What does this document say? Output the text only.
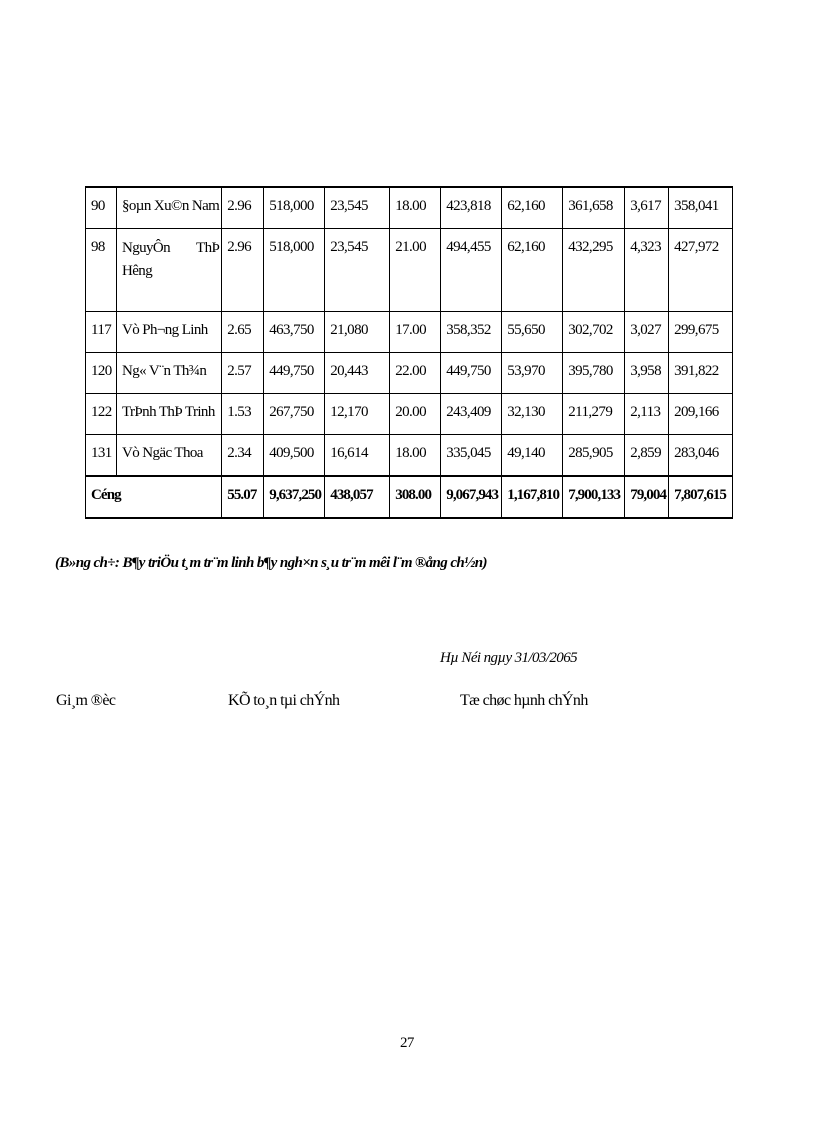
90	§oµn Xu©n Nam	2.96	518,000	23,545	18.00	423,818	62,160	361,658	3,617	358,041
98	NguyÔn ThÞ Hêng	2.96	518,000	23,545	21.00	494,455	62,160	432,295	4,323	427,972
117	Vò Ph¬ng Linh	2.65	463,750	21,080	17.00	358,352	55,650	302,702	3,027	299,675
120	Ng« V¨n Th¾n	2.57	449,750	20,443	22.00	449,750	53,970	395,780	3,958	391,822
122	TrÞnh ThÞ Trinh	1.53	267,750	12,170	20.00	243,409	32,130	211,279	2,113	209,166
131	Vò Ngäc Thoa	2.34	409,500	16,614	18.00	335,045	49,140	285,905	2,859	283,046
Céng		55.07	9,637,250	438,057	308.00	9,067,943	1,167,810	7,900,133	79,004	7,807,615
(B»ng ch÷: B¶y triÖu t¸m tr¨m linh b¶y ngh×n s¸u tr¨m mêi l¨m ®ång ch½n)
Hµ Néi ngµy 31/03/2065
Gi¸m ®èc	KÕ to¸n tµi chÝnh	Tæ chøc hµnh chÝnh
27
